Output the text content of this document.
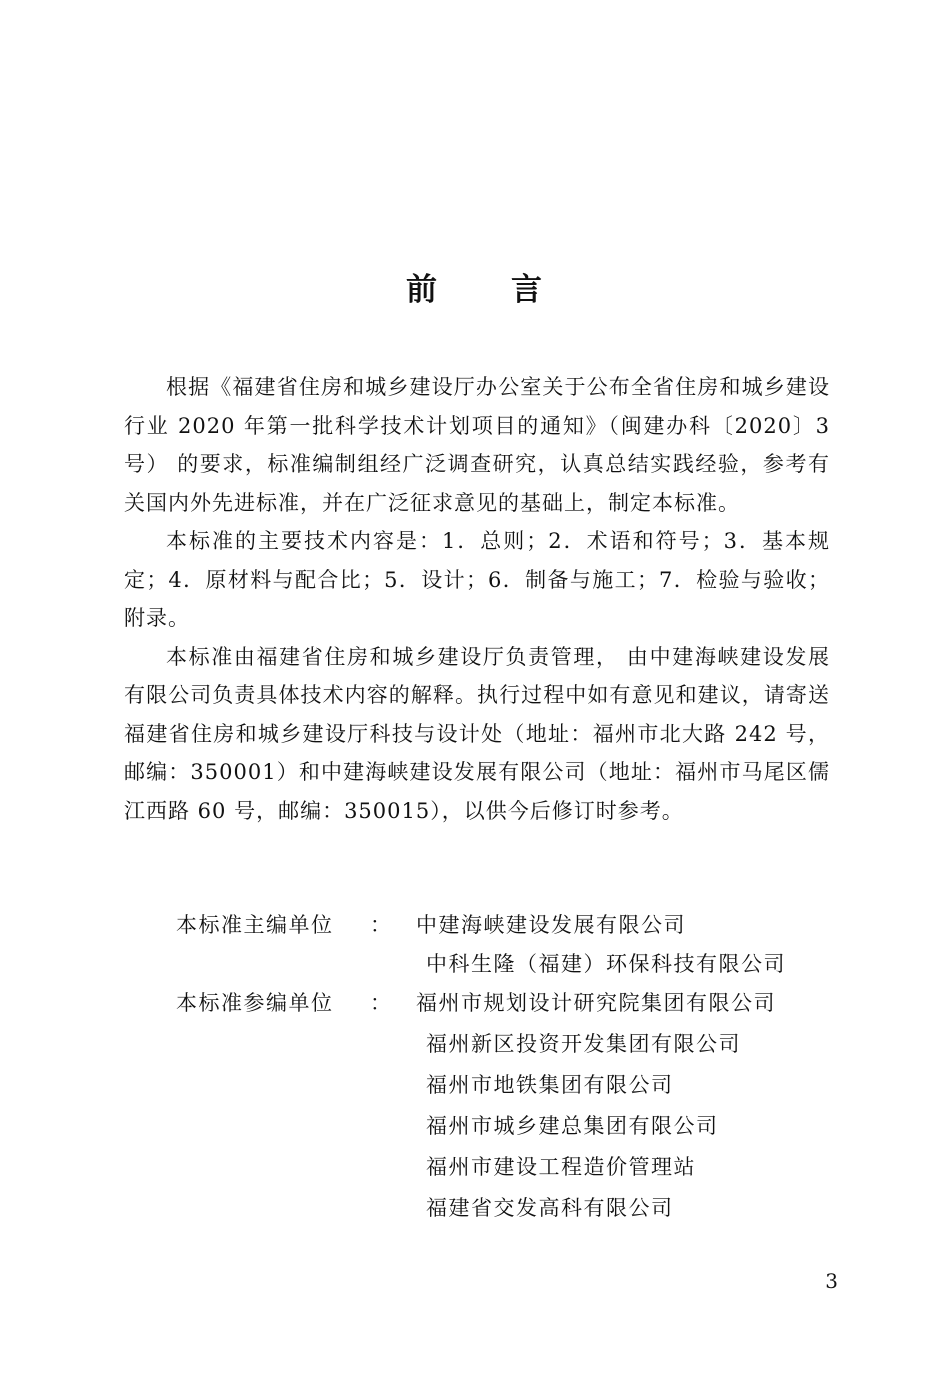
前 言

根据《福建省住房和城乡建设厅办公室关于公布全省住房和城乡建设行业 2020 年第一批科学技术计划项目的通知》（闽建办科〔2020〕3 号） 的要求，标准编制组经广泛调查研究，认真总结实践经验，参考有关国内外先进标准，并在广泛征求意见的基础上，制定本标准。

本标准的主要技术内容是：1．总则；2．术语和符号；3．基本规定；4．原材料与配合比；5．设计；6．制备与施工；7．检验与验收；附录。

本标准由福建省住房和城乡建设厅负责管理， 由中建海峡建设发展有限公司负责具体技术内容的解释。执行过程中如有意见和建议，请寄送福建省住房和城乡建设厅科技与设计处（地址：福州市北大路 242 号，邮编：350001）和中建海峡建设发展有限公司（地址：福州市马尾区儒江西路 60 号，邮编：350015），以供今后修订时参考。

本标准主编单位 ： 中建海峡建设发展有限公司
中科生隆（福建）环保科技有限公司
本标准参编单位 ： 福州市规划设计研究院集团有限公司
福州新区投资开发集团有限公司
福州市地铁集团有限公司
福州市城乡建总集团有限公司
福州市建设工程造价管理站
福建省交发高科有限公司
3
